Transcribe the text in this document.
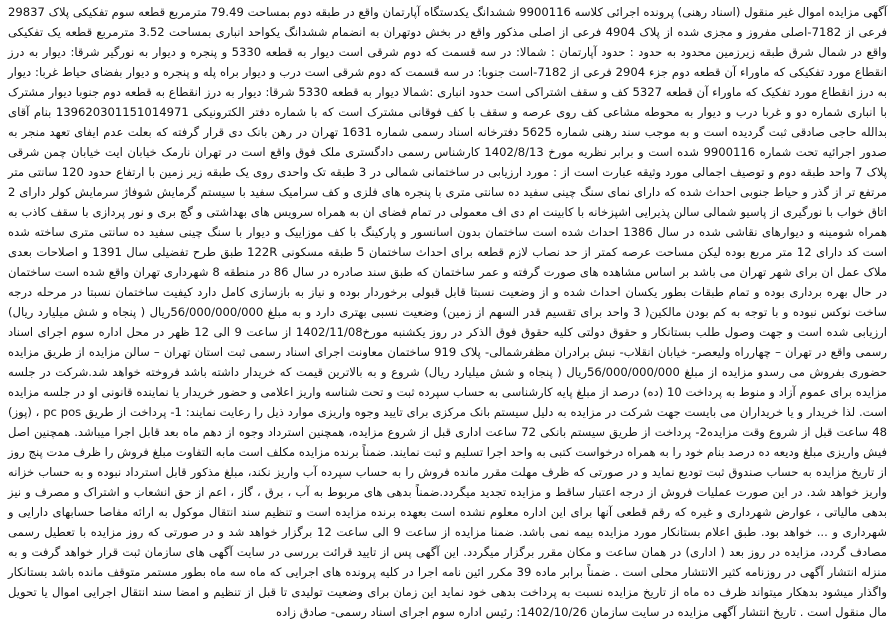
آگهی مزایده اموال غیر منقول (اسناد رهنی) پرونده اجرائی کلاسه 9900116 ششدانگ یکدستگاه آپارتمان واقع در طبقه دوم بمساحت 79.49 مترمربع قطعه سوم تفکیکی پلاک 29837 فرعی از 7182-اصلی مفروز و مجزی شده از پلاک 4904 فرعی از اصلی مذکور واقع در بخش دوتهران به انضمام ششدانگ یکواحد انباری بمساحت 3.52 مترمربع قطعه یک تفکیکی واقع در شمال شرق طبقه زیرزمین محدود به حدود : حدود آپارتمان : شمالا: در سه قسمت که دوم شرقی است دیوار به قطعه 5330 و پنجره و دیوار به نورگیر شرقا: دیوار به درز انقطاع مورد تفکیکی که ماوراء آن قطعه دوم جزء 2904 فرعی از 7182-است جنوبا: در سه قسمت که دوم شرقی است درب و دیوار براه پله و پنجره و دیوار بفضای حیاط غربا: دیوار به درز انقطاع مورد تفکیک که ماوراء آن قطعه 5327 کف و سقف اشتراکی است حدود انباری :شمالا دیوار به قطعه 5330 شرقا: دیوار به درز انقطاع به قطعه دوم جنوبا دیوار مشترک با انباری شماره دو و غربا درب و دیوار به محوطه مشاعی کف روی عرصه و سقف با کف فوقانی مشترک است که با شماره دفتر الکترونیکی 139620301151014971 بنام آقای بدالله حاجی صادقی ثبت گردیده است و به موجب سند رهنی شماره 5625 دفترخانه اسناد رسمی شماره 1631 تهران در رهن بانک دی قرار گرفته که بعلت عدم ایفای تعهد منجر به صدور اجرائیه تحت شماره 9900116 شده است و برابر نظریه مورخ 1402/8/13 کارشناس رسمی دادگستری ملک فوق واقع است در تهران نارمک خیابان ایت خیابان چمن شرقی پلاک 7 واحد طبقه دوم و توصیف اجمالی مورد وثیقه عبارت است از : مورد ارزیابی در ساختمانی شمالی در 3 طبقه تک واحدی روی یک طبقه زیر زمین با ارتفاع حدود 120 سانتی متر مرتفع تر از گذر و حیاط جنوبی احداث شده که دارای نمای سنگ چینی سفید ده سانتی متری با پنجره های فلزی و کف سرامیک سفید با سیستم گرمایش شوفاژ سرمایش کولر دارای 2 اتاق خواب با نورگیری از پاسیو شمالی سالن پذیرایی اشپزخانه با کابینت ام دی اف معمولی در تمام فضای ان به همراه سرویس های بهداشتی و گچ بری و نور پردازی با سقف کاذب به همراه شومینه و دیوارهای نقاشی شده در سال 1386 احداث شده است ساختمان بدون اسانسور و پارکینگ با کف موزاییک و دیوار با سنگ چینی سفید ده سانتی متری ساخته شده است کد دارای 12 متر مربع بوده لیکن مساحت عرصه کمتر از حد نصاب لازم قطعه برای احداث ساختمان 5 طبقه مسکونی 122R طبق طرح تفضیلی سال 1391 و اصلاحات بعدی ملاک عمل ان برای شهر تهران می باشد بر اساس مشاهده های صورت گرفته و عمر ساختمان که طبق سند صادره در سال 86 در منطقه 8 شهرداری تهران واقع شده است ساختمان در حال بهره برداری بوده و تمام طبقات بطور یکسان احداث شده و از وضعیت نسبتا قابل قبولی برخوردار بوده و نیاز به بازسازی کامل دارد کیفیت ساختمان نسبتا در مرحله درجه ساخت نوکس نبوده و با توجه به کم بودن مالکین( 3 واحد برای تقسیم قدر السهم از زمین) وضعیت نسبی بهتری دارد و به مبلغ 56/000/000/000ریال ( پنجاه و شش میلیارد ریال) ارزیابی شده است و جهت وصول طلب بستانکار و حقوق دولتی کلیه حقوق فوق الذکر در روز یکشنبه مورخ1402/11/08 از ساعت 9 الی 12 ظهر در محل اداره سوم اجرای اسناد رسمی واقع در تهران – چهارراه ولیعصر- خیابان انقلاب- نبش برادران مظفرشمالی- پلاک 919 ساختمان معاونت اجرای اسناد رسمی ثبت استان تهران – سالن مزایده از طریق مزایده حضوری بفروش می رسدو مزایده از مبلغ 56/000/000/000ریال ( پنجاه و شش میلیارد ریال) شروع و به بالاترین قیمت که خریدار داشته باشد فروخته خواهد شد.شرکت در جلسه مزایده برای عموم آزاد و منوط به پرداخت 10 (ده) درصد از مبلغ پایه کارشناسی به حساب سپرده ثبت و تحت شناسه واریز اعلامی و حضور خریدار یا نماینده قانونی او در جلسه مزایده است. لذا خریدار و یا خریداران می بایست جهت شرکت در مزایده به دلیل سیستم بانک مرکزی برای تایید وجوه واریزی موارد ذیل را رعایت نمایند: 1- پرداخت از طریق pc pos ، (پوز) 48 ساعت قبل از شروع وقت مزایده2- پرداخت از طریق سیستم بانکی 72 ساعت اداری قبل از شروع مزایده، همچنین استرداد وجوه از دهم ماه بعد قابل اجرا میباشد. همچنین اصل فیش واریزی مبلغ ودیعه ده درصد بنام خود را به همراه درخواست کتبی به واحد اجرا تسلیم و ثبت نمایند. ضمناً برنده مزایده مکلف است مابه التفاوت مبلغ فروش را ظرف مدت پنج روز از تاریخ مزایده به حساب صندوق ثبت تودیع نماید و در صورتی که ظرف مهلت مقرر مانده فروش را به حساب سپرده آب واریز نکند، مبلغ مذکور قابل استرداد نبوده و به حساب خزانه واریز خواهد شد. در این صورت عملیات فروش از درجه اعتبار ساقط و مزایده تجدید میگردد.ضمناً بدهی های مربوط به آب ، برق ، گاز ، اعم از حق انشعاب و اشتراک و مصرف و نیز بدهی مالیاتی ، عوارض شهرداری و غیره که رقم قطعی آنها برای این اداره معلوم نشده است بعهده برنده مزایده است و تنظیم سند انتقال موکول به ارائه مفاصا حسابهای دارایی و شهرداری و ... خواهد بود. طبق اعلام بستانکار مورد مزایده بیمه نمی باشد. ضمنا مزایده از ساعت 9 الی ساعت 12 برگزار خواهد شد و در صورتی که روز مزایده با تعطیل رسمی مصادف گردد، مزایده در روز بعد ( اداری) در همان ساعت و مکان مقرر برگزار میگردد. این آگهی پس از تایید قرائت بررسی در سایت آگهی های سازمان ثبت قرار خواهد گرفت و به منزله انتشار آگهی در روزنامه کثیر الانتشار محلی است . ضمناً برابر ماده 39 مکرر ائین نامه اجرا در کلیه پرونده های اجرایی که ماه سه ماه بطور مستمر متوقف مانده باشد بستانکار واگذار میشود بدهکار میتواند ظرف ده ماه از تاریخ مزایده نسبت به پرداخت بدهی خود نماید این زمان برای وضعیت تولیدی تا قبل از تنظیم و امضا سند انتقال اجرایی اموال یا تحویل مال منقول است . تاریخ انتشار آگهی مزایده در سایت سازمان 1402/10/26: رئیس اداره سوم اجرای اسناد رسمی- صادق زاده
